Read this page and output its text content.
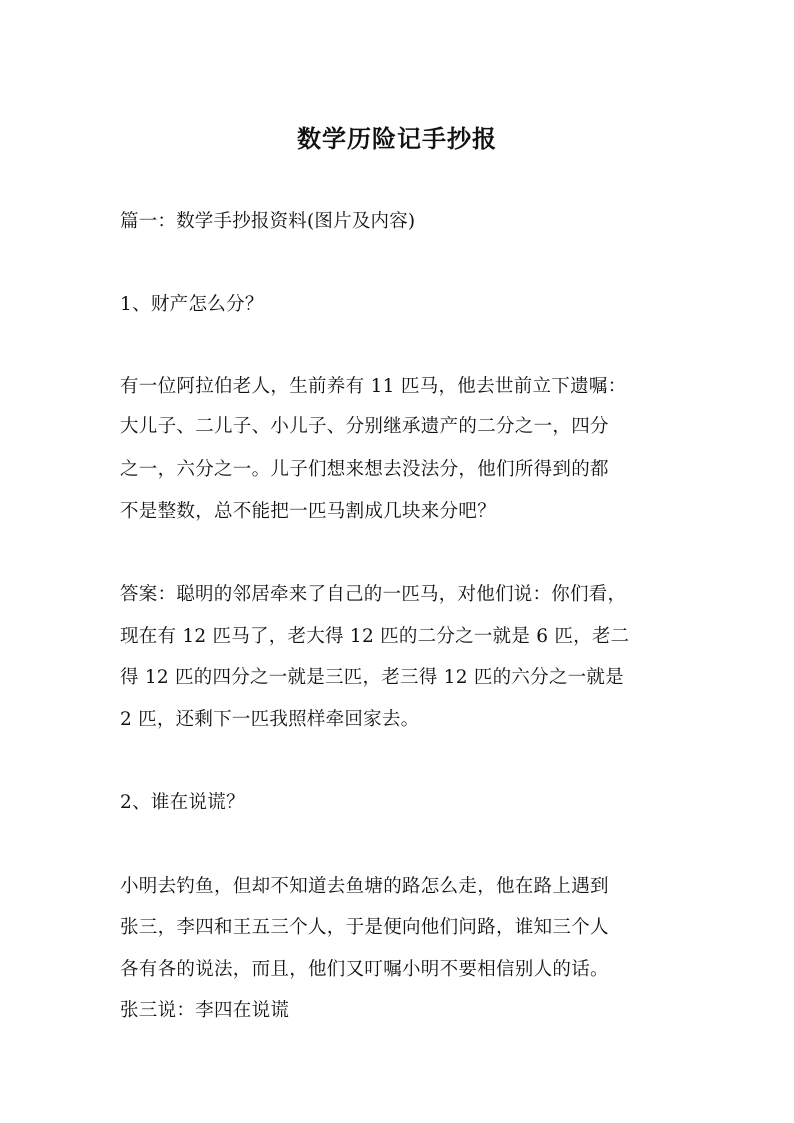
数学历险记手抄报

篇一：数学手抄报资料(图片及内容)

1、财产怎么分？

有一位阿拉伯老人，生前养有 11 匹马，他去世前立下遗嘱：

大儿子、二儿子、小儿子、分别继承遗产的二分之一，四分

之一，六分之一。儿子们想来想去没法分，他们所得到的都

不是整数，总不能把一匹马割成几块来分吧？

答案：聪明的邻居牵来了自己的一匹马，对他们说：你们看，

现在有 12 匹马了，老大得 12 匹的二分之一就是 6 匹，老二

得 12 匹的四分之一就是三匹，老三得 12 匹的六分之一就是

2 匹，还剩下一匹我照样牵回家去。

2、谁在说谎？

小明去钓鱼，但却不知道去鱼塘的路怎么走，他在路上遇到

张三，李四和王五三个人，于是便向他们问路，谁知三个人

各有各的说法，而且，他们又叮嘱小明不要相信别人的话。

张三说：李四在说谎
